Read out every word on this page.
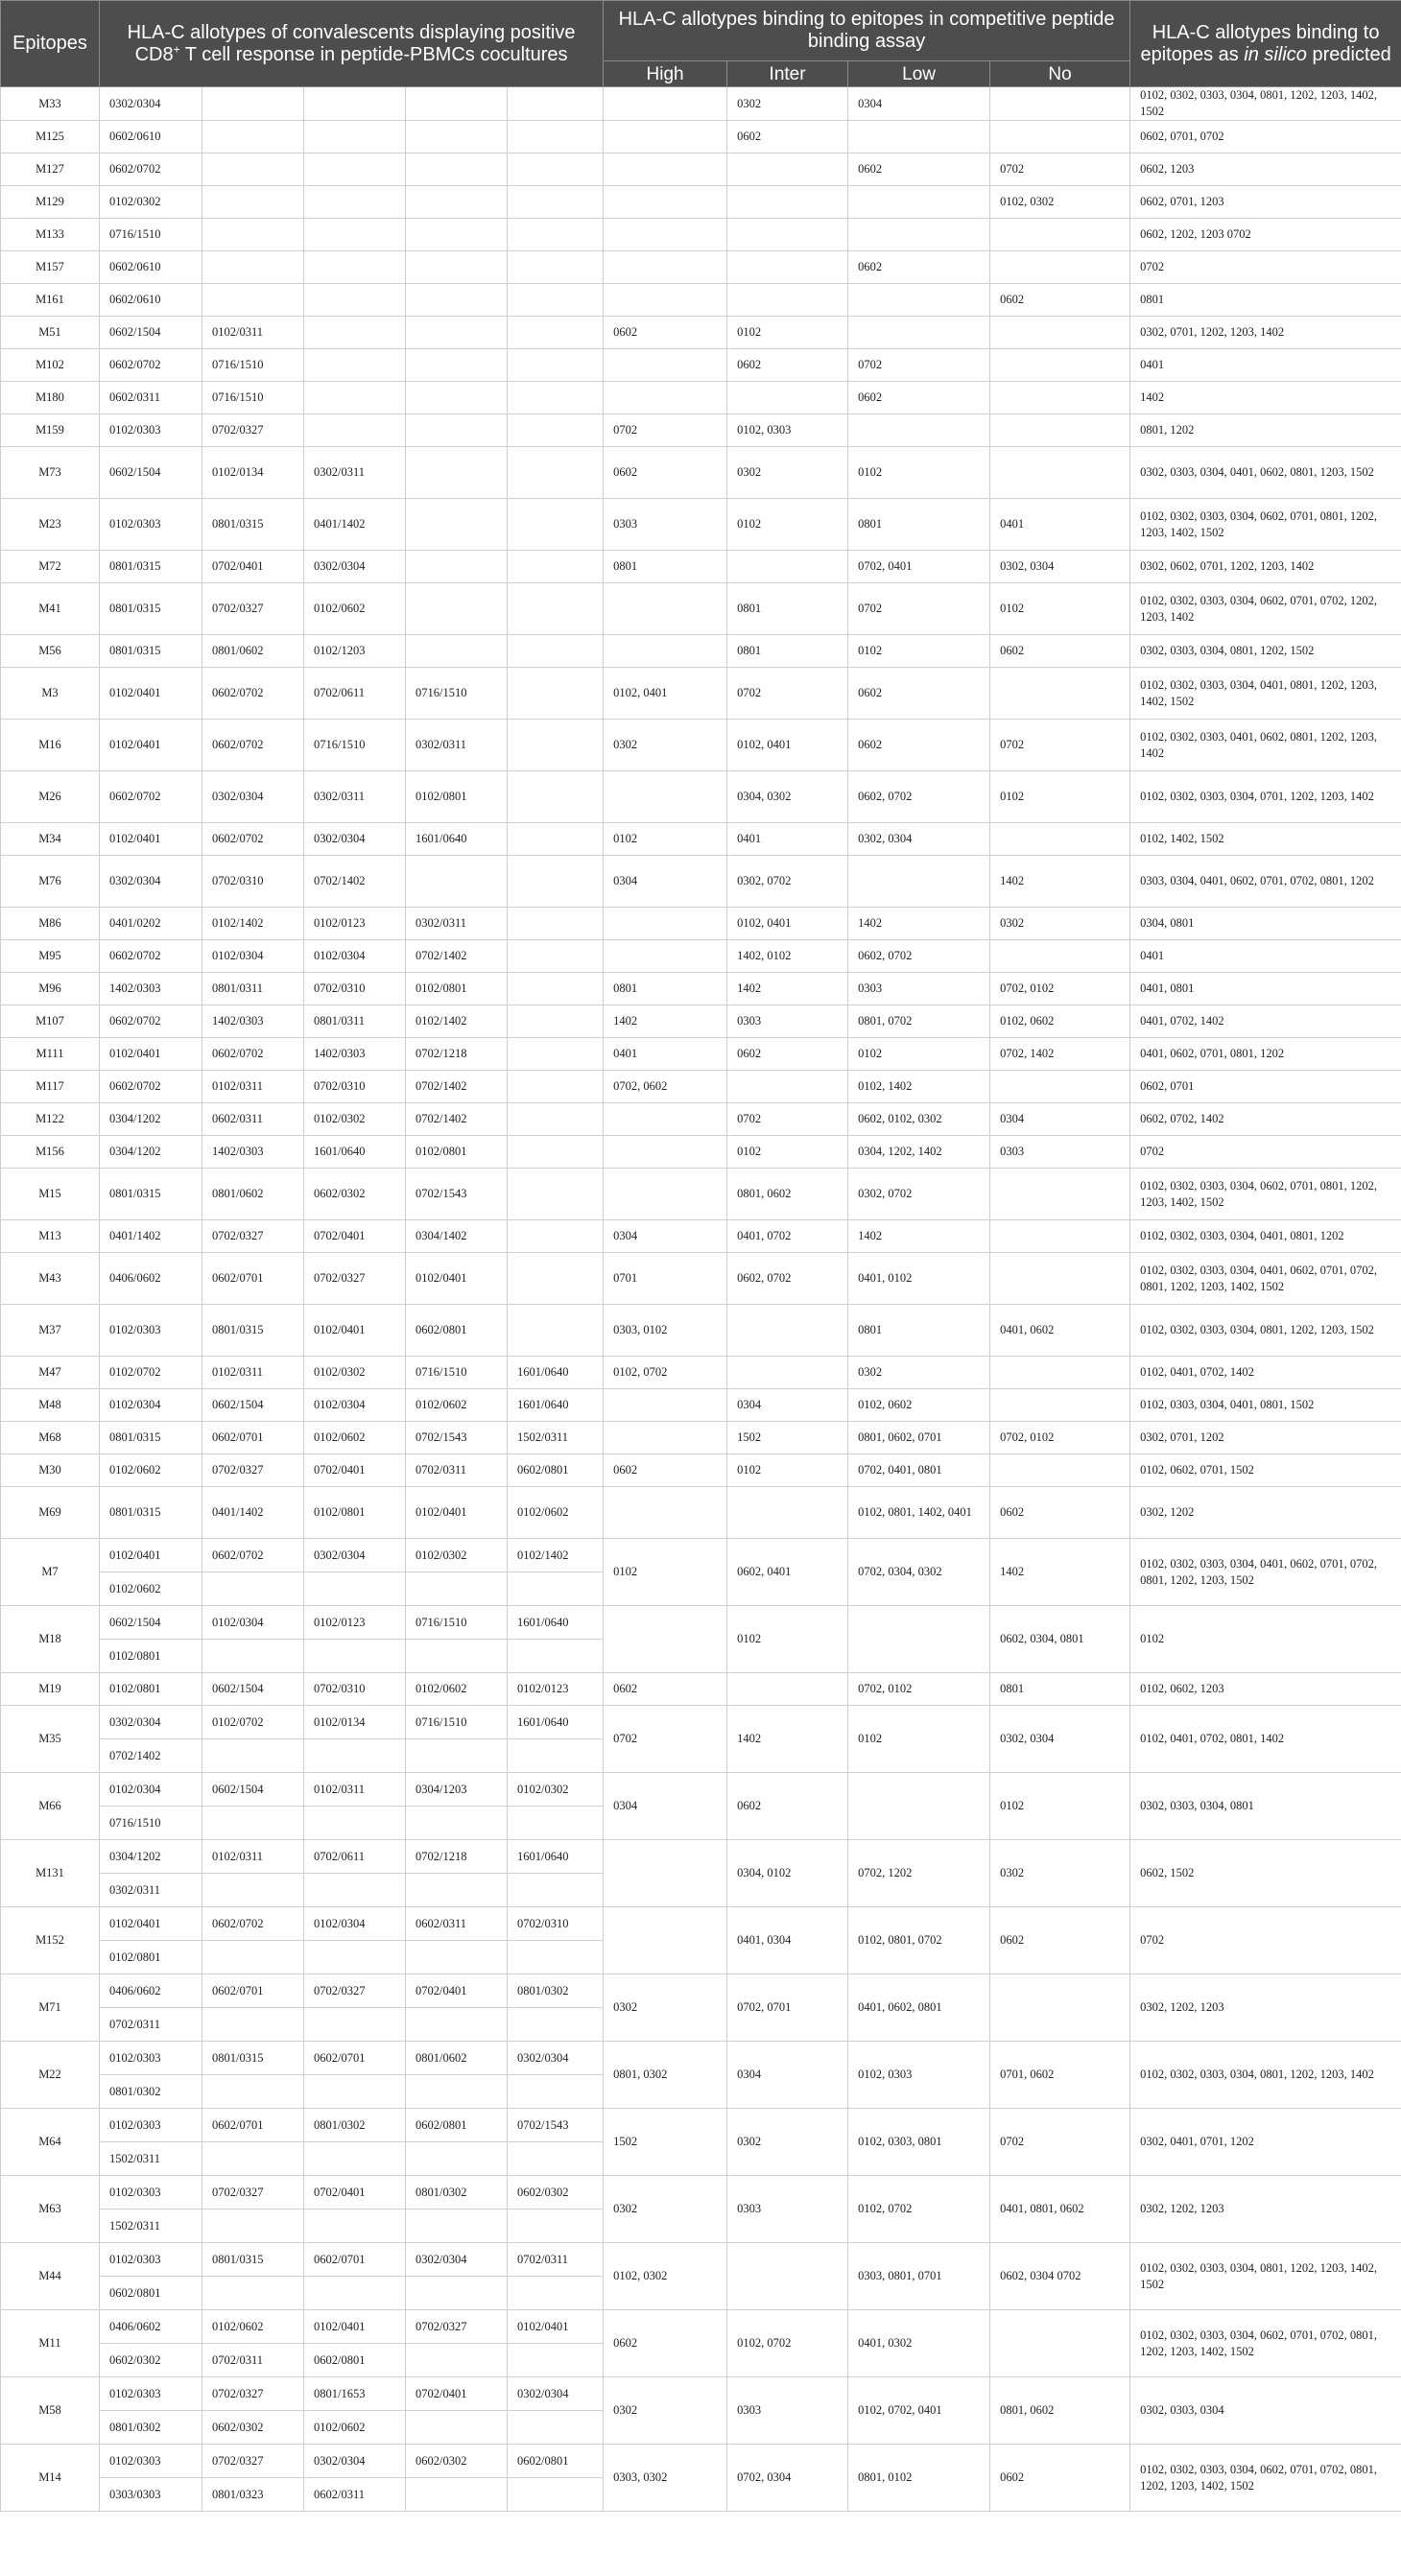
Epitopes	HLA-C allotypes of convalescents displaying positive CD8+ T cell response in peptide-PBMCs cocultures					HLA-C allotypes binding to epitopes in competitive peptide binding assay				HLA-C allotypes binding to epitopes as in silico predicted
						High	Inter	Low	No	
M33	0302/0304						0302	0304		0102, 0302, 0303, 0304, 0801, 1202, 1203, 1402, 1502
M125	0602/0610						0602			0602, 0701, 0702
M127	0602/0702							0602	0702	0602, 1203
M129	0102/0302								0102, 0302	0602, 0701, 1203
M133	0716/1510									0602, 1202, 1203 0702
M157	0602/0610							0602		0702
M161	0602/0610								0602	0801
M51	0602/1504	0102/0311				0602	0102			0302, 0701, 1202, 1203, 1402
M102	0602/0702	0716/1510					0602	0702		0401
M180	0602/0311	0716/1510						0602		1402
M159	0102/0303	0702/0327				0702	0102, 0303			0801, 1202
M73	0602/1504	0102/0134	0302/0311			0602	0302	0102		0302, 0303, 0304, 0401, 0602, 0801, 1203, 1502
M23	0102/0303	0801/0315	0401/1402			0303	0102	0801	0401	0102, 0302, 0303, 0304, 0602, 0701, 0801, 1202, 1203, 1402, 1502
M72	0801/0315	0702/0401	0302/0304			0801		0702, 0401	0302, 0304	0302, 0602, 0701, 1202, 1203, 1402
M41	0801/0315	0702/0327	0102/0602				0801	0702	0102	0102, 0302, 0303, 0304, 0602, 0701, 0702, 1202, 1203, 1402
M56	0801/0315	0801/0602	0102/1203				0801	0102	0602	0302, 0303, 0304, 0801, 1202, 1502
M3	0102/0401	0602/0702	0702/0611	0716/1510		0102, 0401	0702	0602		0102, 0302, 0303, 0304, 0401, 0801, 1202, 1203, 1402, 1502
M16	0102/0401	0602/0702	0716/1510	0302/0311		0302	0102, 0401	0602	0702	0102, 0302, 0303, 0401, 0602, 0801, 1202, 1203, 1402
M26	0602/0702	0302/0304	0302/0311	0102/0801			0304, 0302	0602, 0702	0102	0102, 0302, 0303, 0304, 0701, 1202, 1203, 1402
M34	0102/0401	0602/0702	0302/0304	1601/0640		0102	0401	0302, 0304		0102, 1402, 1502
M76	0302/0304	0702/0310	0702/1402			0304	0302, 0702		1402	0303, 0304, 0401, 0602, 0701, 0702, 0801, 1202
M86	0401/0202	0102/1402	0102/0123	0302/0311			0102, 0401	1402	0302	0304, 0801
M95	0602/0702	0102/0304	0102/0304	0702/1402			1402, 0102	0602, 0702		0401
M96	1402/0303	0801/0311	0702/0310	0102/0801		0801	1402	0303	0702, 0102	0401, 0801
M107	0602/0702	1402/0303	0801/0311	0102/1402		1402	0303	0801, 0702	0102, 0602	0401, 0702, 1402
M111	0102/0401	0602/0702	1402/0303	0702/1218		0401	0602	0102	0702, 1402	0401, 0602, 0701, 0801, 1202
M117	0602/0702	0102/0311	0702/0310	0702/1402		0702, 0602		0102, 1402		0602, 0701
M122	0304/1202	0602/0311	0102/0302	0702/1402			0702	0602, 0102, 0302	0304	0602, 0702, 1402
M156	0304/1202	1402/0303	1601/0640	0102/0801			0102	0304, 1202, 1402	0303	0702
M15	0801/0315	0801/0602	0602/0302	0702/1543			0801, 0602	0302, 0702		0102, 0302, 0303, 0304, 0602, 0701, 0801, 1202, 1203, 1402, 1502
M13	0401/1402	0702/0327	0702/0401	0304/1402		0304	0401, 0702	1402		0102, 0302, 0303, 0304, 0401, 0801, 1202
M43	0406/0602	0602/0701	0702/0327	0102/0401		0701	0602, 0702	0401, 0102		0102, 0302, 0303, 0304, 0401, 0602, 0701, 0702, 0801, 1202, 1203, 1402, 1502
M37	0102/0303	0801/0315	0102/0401	0602/0801		0303, 0102		0801	0401, 0602	0102, 0302, 0303, 0304, 0801, 1202, 1203, 1502
M47	0102/0702	0102/0311	0102/0302	0716/1510	1601/0640	0102, 0702		0302		0102, 0401, 0702, 1402
M48	0102/0304	0602/1504	0102/0304	0102/0602	1601/0640		0304	0102, 0602		0102, 0303, 0304, 0401, 0801, 1502
M68	0801/0315	0602/0701	0102/0602	0702/1543	1502/0311		1502	0801, 0602, 0701	0702, 0102	0302, 0701, 1202
M30	0102/0602	0702/0327	0702/0401	0702/0311	0602/0801	0602	0102	0702, 0401, 0801		0102, 0602, 0701, 1502
M69	0801/0315	0401/1402	0102/0801	0102/0401	0102/0602			0102, 0801, 1402, 0401	0602	0302, 1202
M7	0102/0401	0602/0702	0302/0304	0102/0302	0102/1402	0102	0602, 0401	0702, 0304, 0302	1402	0102, 0302, 0303, 0304, 0401, 0602, 0701, 0702, 0801, 1202, 1203, 1502
	0102/0602									
M18	0602/1504	0102/0304	0102/0123	0716/1510	1601/0640		0102		0602, 0304, 0801	0102
	0102/0801									
M19	0102/0801	0602/1504	0702/0310	0102/0602	0102/0123	0602		0702, 0102	0801	0102, 0602, 1203
M35	0302/0304	0102/0702	0102/0134	0716/1510	1601/0640	0702	1402	0102	0302, 0304	0102, 0401, 0702, 0801, 1402
	0702/1402									
M66	0102/0304	0602/1504	0102/0311	0304/1203	0102/0302	0304	0602		0102	0302, 0303, 0304, 0801
	0716/1510									
M131	0304/1202	0102/0311	0702/0611	0702/1218	1601/0640		0304, 0102	0702, 1202	0302	0602, 1502
	0302/0311									
M152	0102/0401	0602/0702	0102/0304	0602/0311	0702/0310		0401, 0304	0102, 0801, 0702	0602	0702
	0102/0801									
M71	0406/0602	0602/0701	0702/0327	0702/0401	0801/0302	0302	0702, 0701	0401, 0602, 0801		0302, 1202, 1203
	0702/0311									
M22	0102/0303	0801/0315	0602/0701	0801/0602	0302/0304	0801, 0302	0304	0102, 0303	0701, 0602	0102, 0302, 0303, 0304, 0801, 1202, 1203, 1402
	0801/0302									
M64	0102/0303	0602/0701	0801/0302	0602/0801	0702/1543	1502	0302	0102, 0303, 0801	0702	0302, 0401, 0701, 1202
	1502/0311									
M63	0102/0303	0702/0327	0702/0401	0801/0302	0602/0302	0302	0303	0102, 0702	0401, 0801, 0602	0302, 1202, 1203
	1502/0311									
M44	0102/0303	0801/0315	0602/0701	0302/0304	0702/0311	0102, 0302		0303, 0801, 0701	0602, 0304 0702	0102, 0302, 0303, 0304, 0801, 1202, 1203, 1402, 1502
	0602/0801									
M11	0406/0602	0102/0602	0102/0401	0702/0327	0102/0401	0602	0102, 0702	0401, 0302		0102, 0302, 0303, 0304, 0602, 0701, 0702, 0801, 1202, 1203, 1402, 1502
	0602/0302	0702/0311	0602/0801							
M58	0102/0303	0702/0327	0801/1653	0702/0401	0302/0304	0302	0303	0102, 0702, 0401	0801, 0602	0302, 0303, 0304
	0801/0302	0602/0302	0102/0602							
M14	0102/0303	0702/0327	0302/0304	0602/0302	0602/0801	0303, 0302	0702, 0304	0801, 0102	0602	0102, 0302, 0303, 0304, 0602, 0701, 0702, 0801, 1202, 1203, 1402, 1502
	0303/0303	0801/0323	0602/0311							
